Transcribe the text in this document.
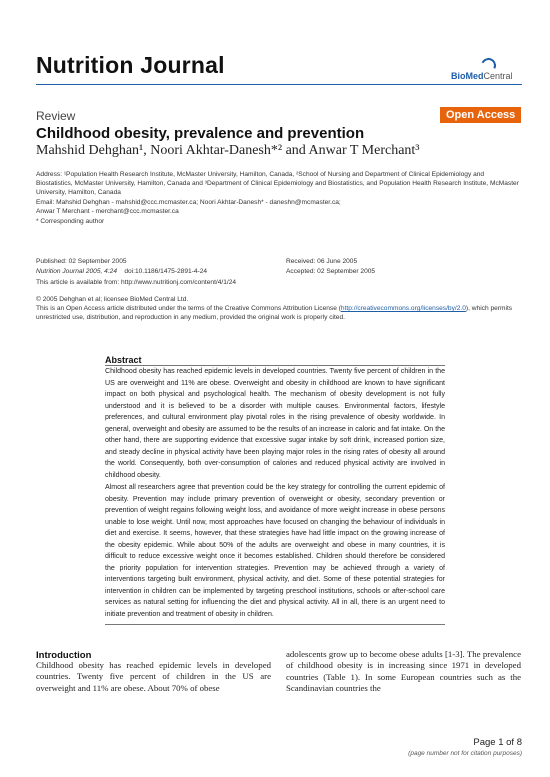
Nutrition Journal	BioMedCentral
Review	Open Access
Childhood obesity, prevalence and prevention
Mahshid Dehghan¹, Noori Akhtar-Danesh*² and Anwar T Merchant³
Address: ¹Population Health Research Institute, McMaster University, Hamilton, Canada, ²School of Nursing and Department of Clinical Epidemiology and Biostatistics, McMaster University, Hamilton, Canada and ³Department of Clinical Epidemiology and Biostatistics, and Population Health Research Institute, McMaster University, Hamilton, Canada
Email: Mahshid Dehghan - mahshid@ccc.mcmaster.ca; Noori Akhtar-Danesh* - daneshn@mcmaster.ca;
Anwar T Merchant - merchant@ccc.mcmaster.ca
* Corresponding author
Published: 02 September 2005	Received: 06 June 2005
Nutrition Journal 2005, 4:24 doi:10.1186/1475-2891-4-24	Accepted: 02 September 2005
This article is available from: http://www.nutritionj.com/content/4/1/24
© 2005 Dehghan et al; licensee BioMed Central Ltd.
This is an Open Access article distributed under the terms of the Creative Commons Attribution License (http://creativecommons.org/licenses/by/2.0), which permits unrestricted use, distribution, and reproduction in any medium, provided the original work is properly cited.
Abstract
Childhood obesity has reached epidemic levels in developed countries. Twenty five percent of children in the US are overweight and 11% are obese. Overweight and obesity in childhood are known to have significant impact on both physical and psychological health. The mechanism of obesity development is not fully understood and it is believed to be a disorder with multiple causes. Environmental factors, lifestyle preferences, and cultural environment play pivotal roles in the rising prevalence of obesity worldwide. In general, overweight and obesity are assumed to be the results of an increase in caloric and fat intake. On the other hand, there are supporting evidence that excessive sugar intake by soft drink, increased portion size, and steady decline in physical activity have been playing major roles in the rising rates of obesity all around the world. Consequently, both over-consumption of calories and reduced physical activity are involved in childhood obesity.
Almost all researchers agree that prevention could be the key strategy for controlling the current epidemic of obesity. Prevention may include primary prevention of overweight or obesity, secondary prevention or prevention of weight regains following weight loss, and avoidance of more weight increase in obese persons unable to lose weight. Until now, most approaches have focused on changing the behaviour of individuals in diet and exercise. It seems, however, that these strategies have had little impact on the growing increase of the obesity epidemic. While about 50% of the adults are overweight and obese in many countries, it is difficult to reduce excessive weight once it becomes established. Children should therefore be considered the priority population for intervention strategies. Prevention may be achieved through a variety of interventions targeting built environment, physical activity, and diet. Some of these potential strategies for intervention in children can be implemented by targeting preschool institutions, schools or after-school care services as natural setting for influencing the diet and physical activity. All in all, there is an urgent need to initiate prevention and treatment of obesity in children.
Introduction
Childhood obesity has reached epidemic levels in developed countries. Twenty five percent of children in the US are overweight and 11% are obese. About 70% of obese
adolescents grow up to become obese adults [1-3]. The prevalence of childhood obesity is in increasing since 1971 in developed countries (Table 1). In some European countries such as the Scandinavian countries the
Page 1 of 8
(page number not for citation purposes)
